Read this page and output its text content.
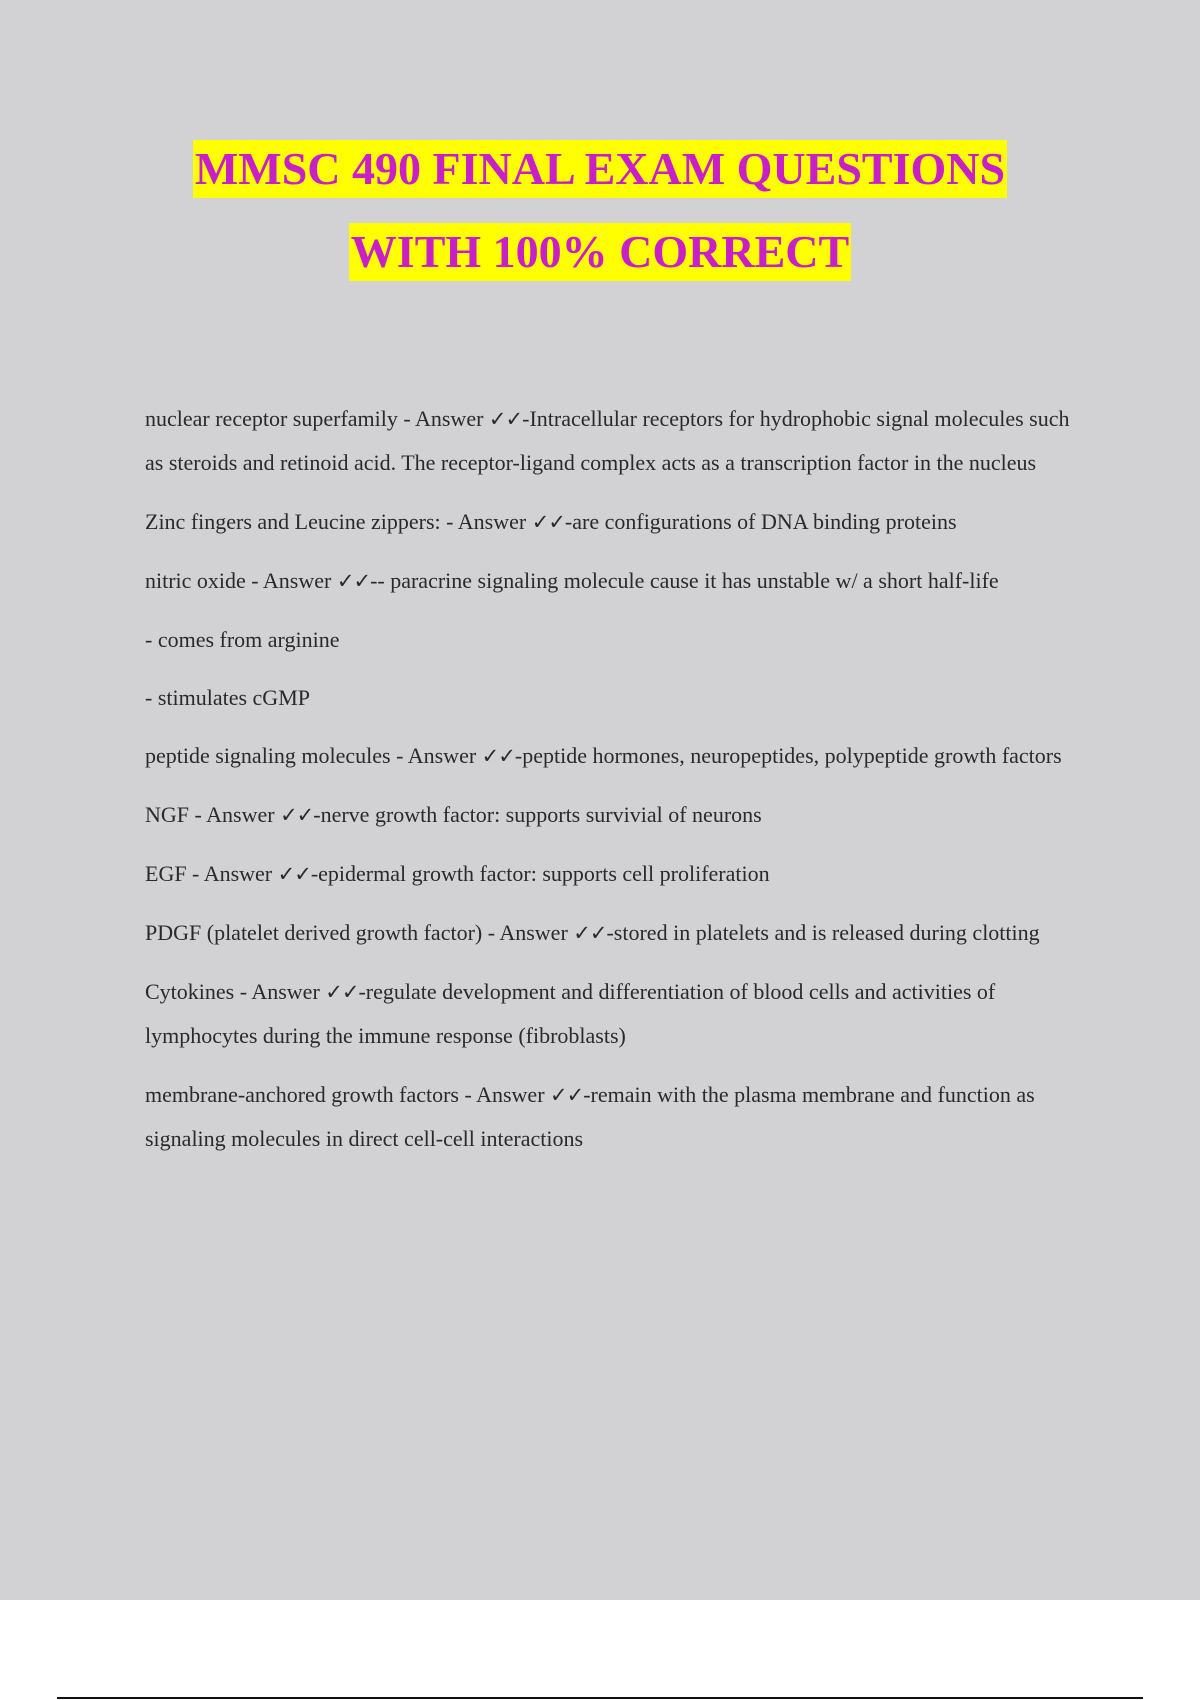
MMSC 490 FINAL EXAM QUESTIONS
WITH 100% CORRECT
nuclear receptor superfamily - Answer ✓✓-Intracellular receptors for hydrophobic signal molecules such as steroids and retinoid acid. The receptor-ligand complex acts as a transcription factor in the nucleus
Zinc fingers and Leucine zippers: - Answer ✓✓-are configurations of DNA binding proteins
nitric oxide - Answer ✓✓-- paracrine signaling molecule cause it has unstable w/ a short half-life
- comes from arginine
- stimulates cGMP
peptide signaling molecules - Answer ✓✓-peptide hormones, neuropeptides, polypeptide growth factors
NGF - Answer ✓✓-nerve growth factor: supports survivial of neurons
EGF - Answer ✓✓-epidermal growth factor: supports cell proliferation
PDGF (platelet derived growth factor) - Answer ✓✓-stored in platelets and is released during clotting
Cytokines - Answer ✓✓-regulate development and differentiation of blood cells and activities of lymphocytes during the immune response (fibroblasts)
membrane-anchored growth factors - Answer ✓✓-remain with the plasma membrane and function as signaling molecules in direct cell-cell interactions
